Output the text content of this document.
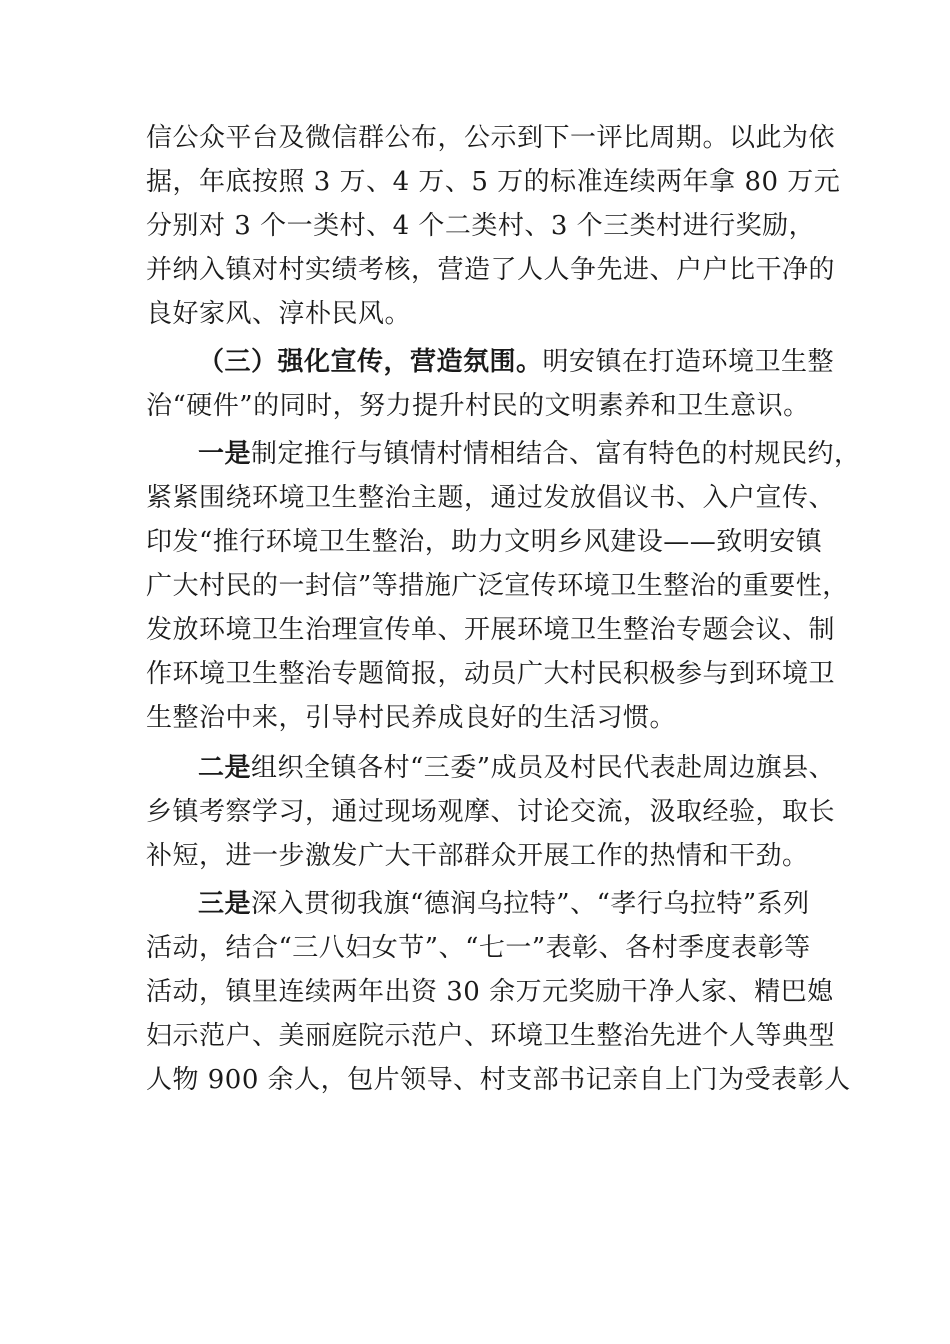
信公众平台及微信群公布，公示到下一评比周期。以此为依
据，年底按照 3 万、4 万、5 万的标准连续两年拿 80 万元
分别对 3 个一类村、4 个二类村、3 个三类村进行奖励，
并纳入镇对村实绩考核，营造了人人争先进、户户比干净的
良好家风、淳朴民风。
（三）强化宣传，营造氛围。明安镇在打造环境卫生整
治“硬件”的同时，努力提升村民的文明素养和卫生意识。
一是制定推行与镇情村情相结合、富有特色的村规民约，
紧紧围绕环境卫生整治主题，通过发放倡议书、入户宣传、
印发“推行环境卫生整治，助力文明乡风建设——致明安镇
广大村民的一封信”等措施广泛宣传环境卫生整治的重要性，
发放环境卫生治理宣传单、开展环境卫生整治专题会议、制
作环境卫生整治专题简报，动员广大村民积极参与到环境卫
生整治中来，引导村民养成良好的生活习惯。
二是组织全镇各村“三委”成员及村民代表赴周边旗县、
乡镇考察学习，通过现场观摩、讨论交流，汲取经验，取长
补短，进一步激发广大干部群众开展工作的热情和干劲。
三是深入贯彻我旗“德润乌拉特”、“孝行乌拉特”系列
活动，结合“三八妇女节”、“七一”表彰、各村季度表彰等
活动，镇里连续两年出资 30 余万元奖励干净人家、精巴媳
妇示范户、美丽庭院示范户、环境卫生整治先进个人等典型
人物 900 余人，包片领导、村支部书记亲自上门为受表彰人
